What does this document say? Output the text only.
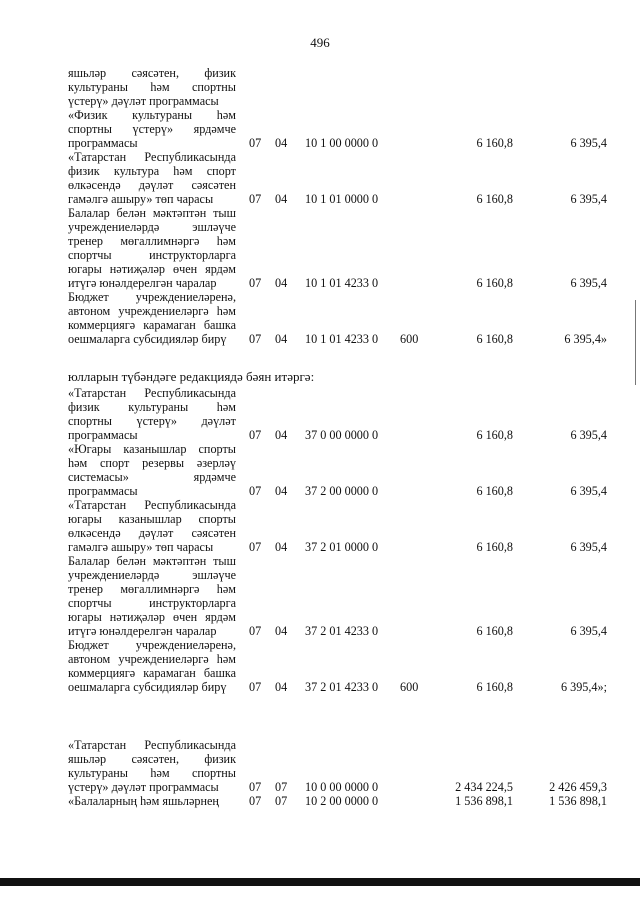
496
яшьләр сәясәтен, физик
культураны һәм спортны
үстерү» дәүләт программасы
«Физик культураны һәм
спортны үстерү» ярдәмче
программасы	07 04 10 1 00 0000 0	6 160,8	6 395,4
«Татарстан Республикасында
физик культура һәм спорт
өлкәсендә дәүләт сәясәтен
гамәлгә ашыру» төп чарасы	07 04 10 1 01 0000 0	6 160,8	6 395,4
Балалар белән мәктәптән тыш
учреждениеләрдә эшләүче
тренер мөгаллимнәргә һәм
спортчы инструкторларга
югары нәтиҗәләр өчен ярдәм
итүгә юнәлдерелгән чаралар	07 04 10 1 01 4233 0	6 160,8	6 395,4
Бюджет учреждениеләренә,
автоном учреждениеләргә һәм
коммерциягә карамаган башка
оешмаларга субсидияләр бирү	07 04 10 1 01 4233 0 600	6 160,8	6 395,4»
юлларын түбәндәге редакциядә бәян итәргә:
«Татарстан Республикасында
физик культураны һәм
спортны үстерү» дәүләт
программасы	07 04 37 0 00 0000 0	6 160,8	6 395,4
«Югары казанышлар спорты
һәм спорт резервы әзерләү
системасы» ярдәмче
программасы	07 04 37 2 00 0000 0	6 160,8	6 395,4
«Татарстан Республикасында
югары казанышлар спорты
өлкәсендә дәүләт сәясәтен
гамәлгә ашыру» төп чарасы	07 04 37 2 01 0000 0	6 160,8	6 395,4
Балалар белән мәктәптән тыш
учреждениеләрдә эшләүче
тренер мөгаллимнәргә һәм
спортчы инструкторларга
югары нәтиҗәләр өчен ярдәм
итүгә юнәлдерелгән чаралар	07 04 37 2 01 4233 0	6 160,8	6 395,4
Бюджет учреждениеләренә,
автоном учреждениеләргә һәм
коммерциягә карамаган башка
оешмаларга субсидияләр бирү	07 04 37 2 01 4233 0 600	6 160,8	6 395,4»;
«Татарстан Республикасында
яшьләр сәясәтен, физик
культураны һәм спортны
үстерү» дәүләт программасы	07 07 10 0 00 0000 0	2 434 224,5	2 426 459,3
«Балаларның һәм яшьләрнең	07 07 10 2 00 0000 0	1 536 898,1	1 536 898,1
